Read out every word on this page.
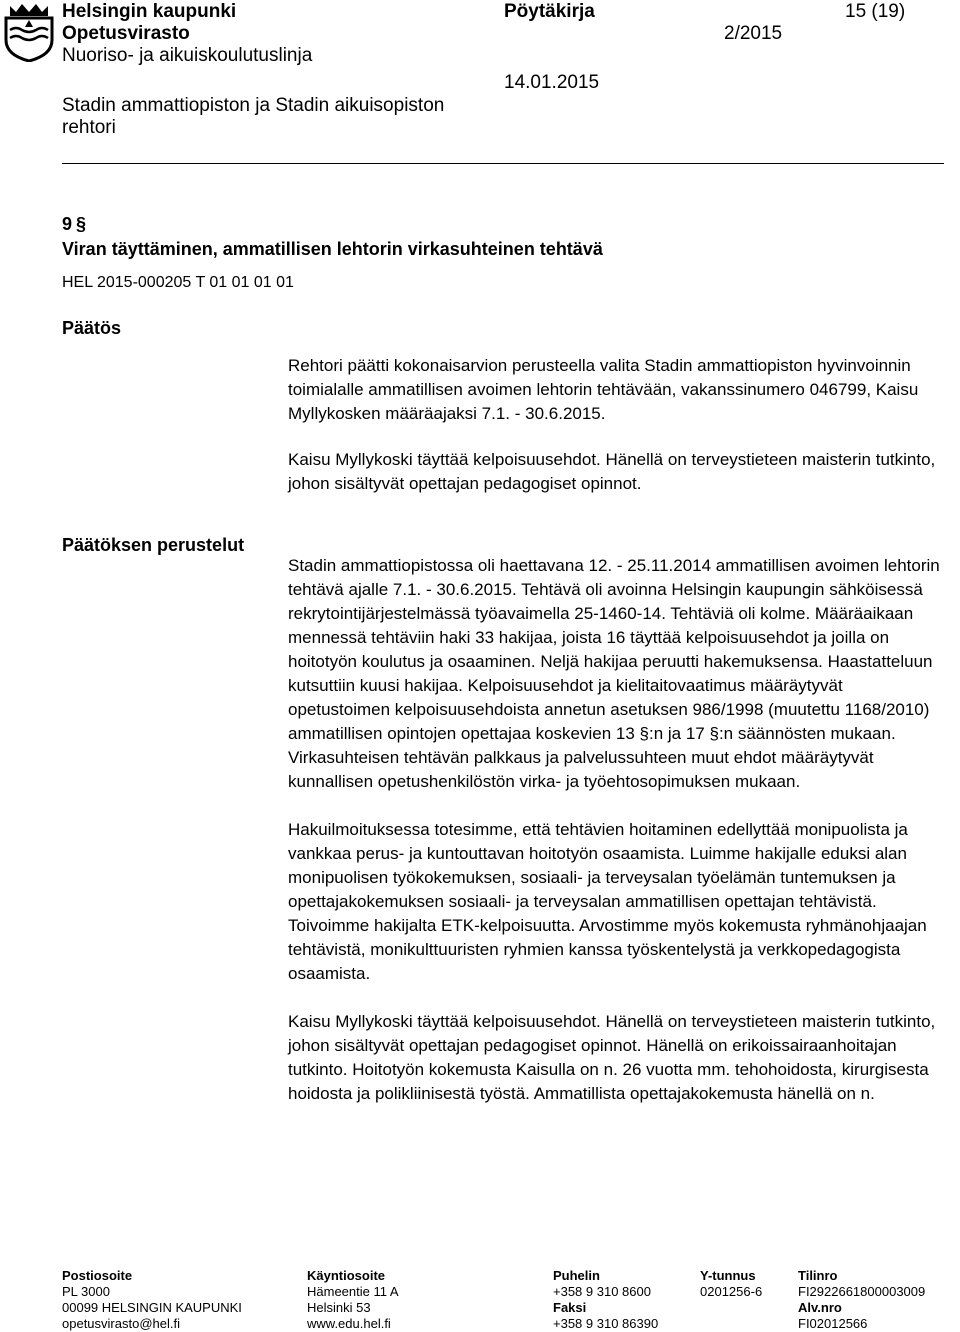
Helsingin kaupunki
Opetusvirasto
Nuoriso- ja aikuiskoulutuslinja
Stadin ammattiopiston ja Stadin aikuisopiston
rehtori
Pöytäkirja
2/2015
14.01.2015
15 (19)
9 §
Viran täyttäminen, ammatillisen lehtorin virkasuhteinen tehtävä
HEL 2015-000205 T 01 01 01 01
Päätös
Päätöksen perustelut

Rehtori päätti kokonaisarvion perusteella valita Stadin ammattiopiston hyvinvoinnin toimialalle ammatillisen avoimen lehtorin tehtävään, vakanssinumero 046799, Kaisu Myllykosken määräajaksi 7.1. - 30.6.2015.

Kaisu Myllykoski täyttää kelpoisuusehdot. Hänellä on terveystieteen maisterin tutkinto, johon sisältyvät opettajan pedagogiset opinnot.

Stadin ammattiopistossa oli haettavana 12. - 25.11.2014 ammatillisen avoimen lehtorin tehtävä ajalle 7.1. - 30.6.2015. Tehtävä oli avoinna Helsingin kaupungin sähköisessä rekrytointijärjestelmässä työavaimella 25-1460-14. Tehtäviä oli kolme. Määräaikaan mennessä tehtäviin haki 33 hakijaa, joista 16 täyttää kelpoisuusehdot ja joilla on hoitotyön koulutus ja osaaminen. Neljä hakijaa peruutti hakemuksensa. Haastatteluun kutsuttiin kuusi hakijaa. Kelpoisuusehdot ja kielitaitovaatimus määräytyvät opetustoimen kelpoisuusehdoista annetun asetuksen 986/1998 (muutettu 1168/2010) ammatillisen opintojen opettajaa koskevien 13 §:n ja 17 §:n säännösten mukaan. Virkasuhteisen tehtävän palkkaus ja palvelussuhteen muut ehdot määräytyvät kunnallisen opetushenkilöstön virka- ja työehtosopimuksen mukaan.

Hakuilmoituksessa totesimme, että tehtävien hoitaminen edellyttää monipuolista ja vankkaa perus- ja kuntouttavan hoitotyön osaamista. Luimme hakijalle eduksi alan monipuolisen työkokemuksen, sosiaali- ja terveysalan työelämän tuntemuksen ja opettajakokemuksen sosiaali- ja terveysalan ammatillisen opettajan tehtävistä. Toivoimme hakijalta ETK-kelpoisuutta. Arvostimme myös kokemusta ryhmänohjaajan tehtävistä, monikulttuuristen ryhmien kanssa työskentelystä ja verkkopedagogista osaamista.

Kaisu Myllykoski täyttää kelpoisuusehdot. Hänellä on terveystieteen maisterin tutkinto, johon sisältyvät opettajan pedagogiset opinnot. Hänellä on erikoissairaanhoitajan tutkinto. Hoitotyön kokemusta Kaisulla on n. 26 vuotta mm. tehohoidosta, kirurgisesta hoidosta ja polikliinisestä työstä. Ammatillista opettajakokemusta hänellä on n.

Postiosoite
PL 3000
00099 HELSINGIN KAUPUNKI
opetusvirasto@hel.fi
Käyntiosoite
Hämeentie 11 A
Helsinki 53
www.edu.hel.fi
Puhelin
+358 9 310 8600
Faksi
+358 9 310 86390
Y-tunnus
0201256-6
Tilinro
FI2922661800003009
Alv.nro
FI02012566
